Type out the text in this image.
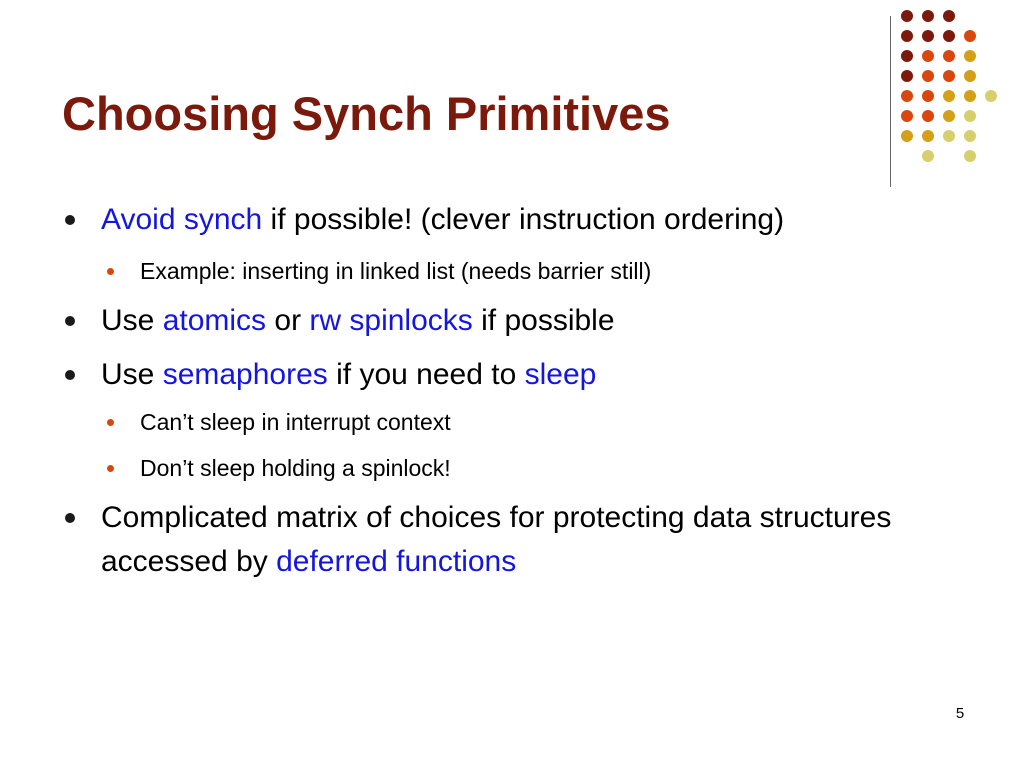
Choosing Synch Primitives
Avoid synch if possible! (clever instruction ordering)
Example: inserting in linked list (needs barrier still)
Use atomics or rw spinlocks if possible
Use semaphores if you need to sleep
Can’t sleep in interrupt context
Don’t sleep holding a spinlock!
Complicated matrix of choices for protecting data structures accessed by deferred functions
5
